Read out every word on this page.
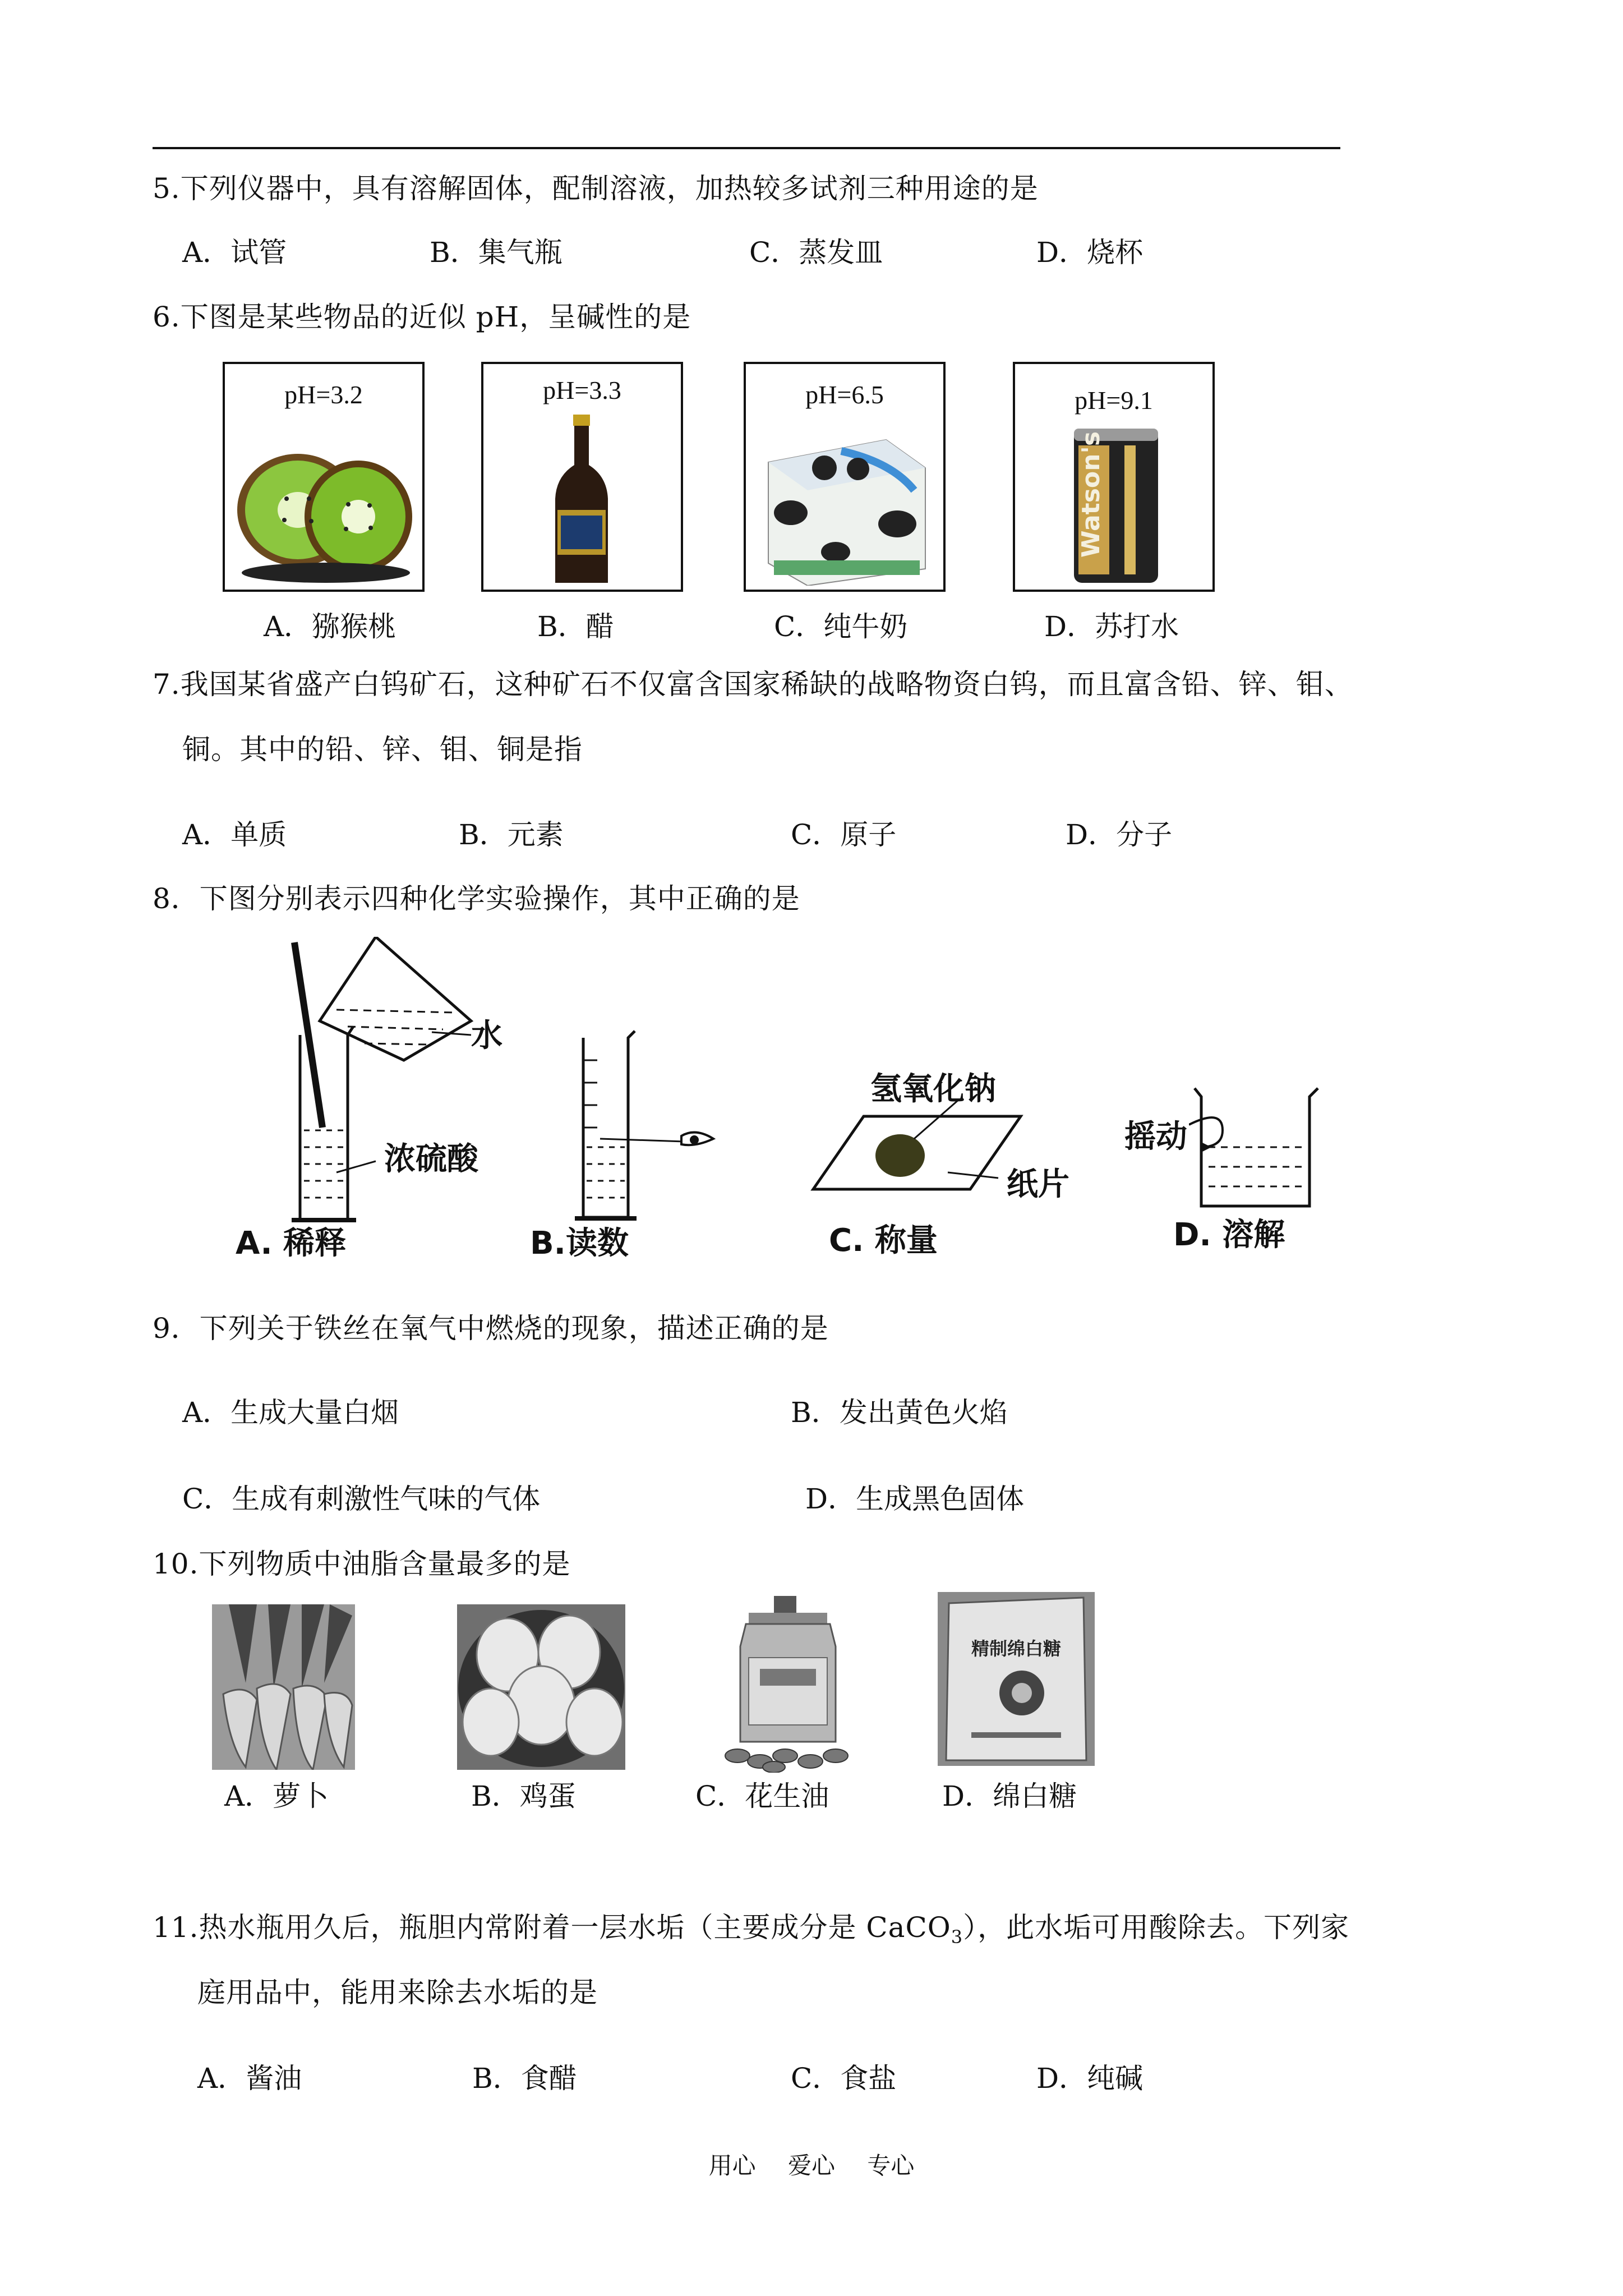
5.下列仪器中，具有溶解固体，配制溶液，加热较多试剂三种用途的是
A．试管	B．集气瓶	C．蒸发皿	D．烧杯
6.下图是某些物品的近似 pH，呈碱性的是
pH=3.2
A．猕猴桃
pH=3.3
B．醋
pH=6.5
C．纯牛奶
pH=9.1
Watson's
D．苏打水
7.我国某省盛产白钨矿石，这种矿石不仅富含国家稀缺的战略物资白钨，而且富含铅、锌、钼、
铜。其中的铅、锌、钼、铜是指
A．单质	B．元素	C．原子	D．分子
8．下图分别表示四种化学实验操作，其中正确的是
水
浓硫酸
A. 稀释	B.读数
氢氧化钠
纸片
C. 称量
摇动
D. 溶解
9．下列关于铁丝在氧气中燃烧的现象，描述正确的是
A．生成大量白烟	B．发出黄色火焰
C．生成有刺激性气味的气体	D．生成黑色固体
10.下列物质中油脂含量最多的是
A．萝卜	B．鸡蛋	C．花生油
精制绵白糖
D．绵白糖
11.热水瓶用久后，瓶胆内常附着一层水垢（主要成分是 CaCO$_3$），此水垢可用酸除去。下列家
庭用品中，能用来除去水垢的是
A．酱油	B．食醋	C．食盐	D．纯碱
用心 爱心 专心
